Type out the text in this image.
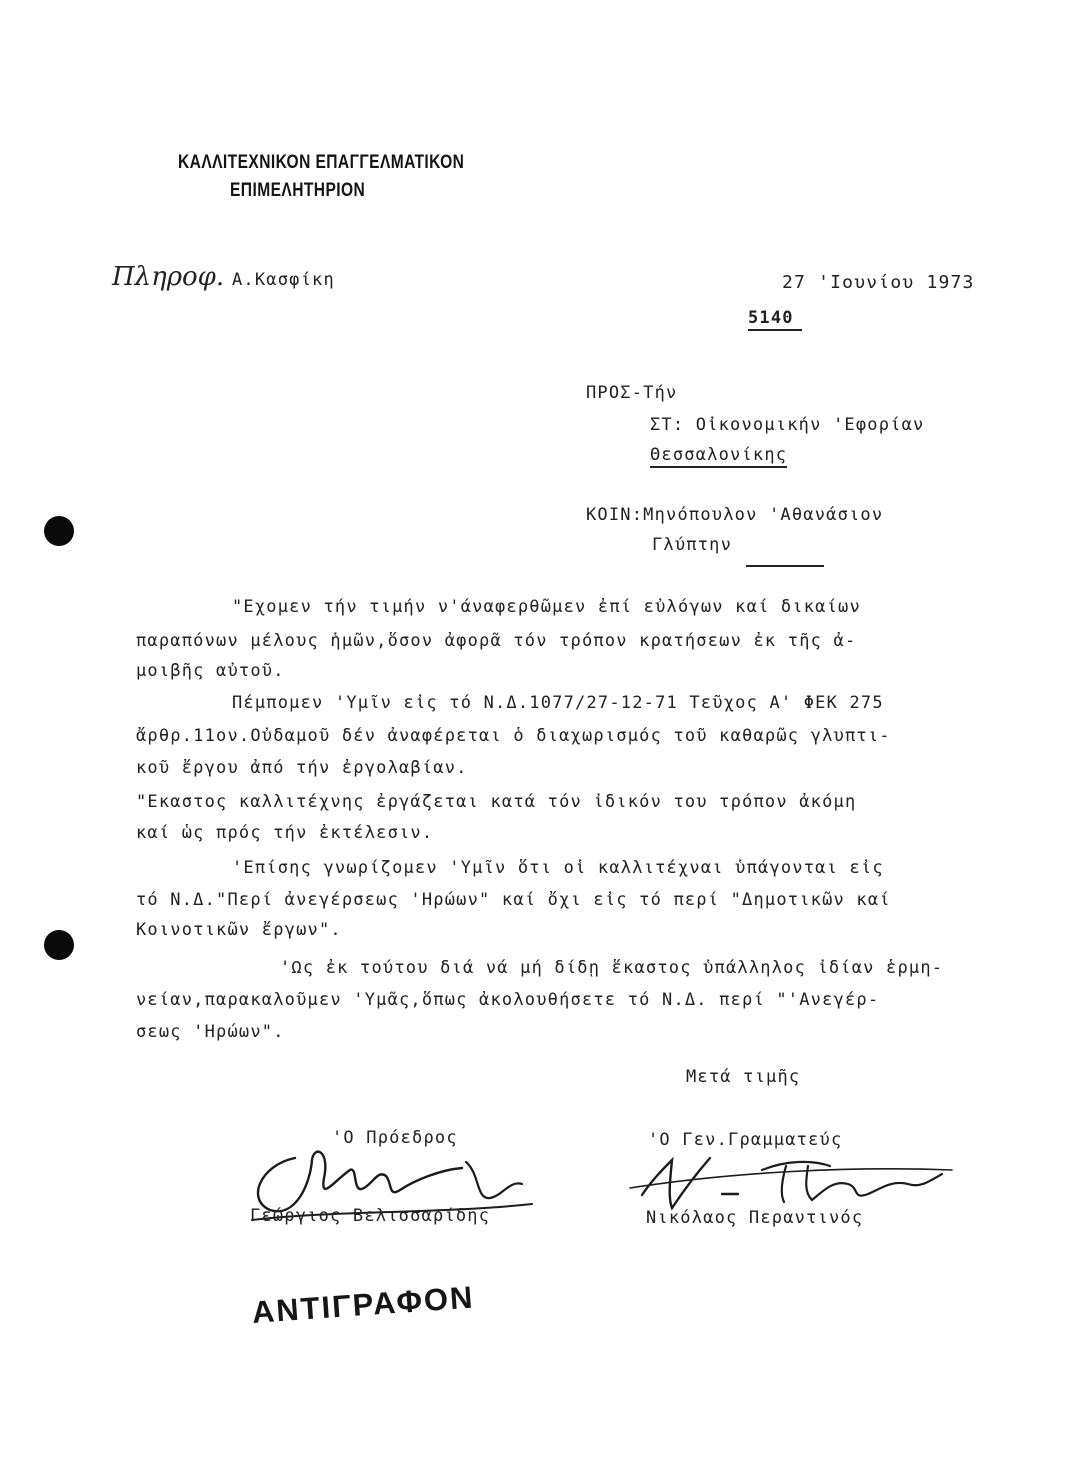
ΚΑΛΛΙΤΕΧΝΙΚΟΝ ΕΠΑΓΓΕΛΜΑΤΙΚΟΝ
ΕΠΙΜΕΛΗΤΗΡΙΟΝ
Πληροφ. Α.Κασφίκη	27 'Ιουνίου 1973
5140
ΠΡΟΣ-Τήν
ΣΤ: Οἰκονομικήν 'Εφορίαν
Θεσσαλονίκης
ΚΟΙΝ:Μηνόπουλον 'Αθανάσιον
Γλύπτην
"Εχομεν τήν τιμήν ν'άναφερθῶμεν ἐπί εὐλόγων καί δικαίων
παραπόνων μέλους ἡμῶν,ὅσον ἀφορᾶ τόν τρόπον κρατήσεων ἐκ τῆς ἀ-
μοιβῆς αὐτοῦ.
Πέμπομεν 'Υμῖν εἰς τό Ν.Δ.1077/27-12-71 Τεῦχος Α' ΦΕΚ 275
ἄρθρ.11ον.Οὐδαμοῦ δέν ἀναφέρεται ὁ διαχωρισμός τοῦ καθαρῶς γλυπτι-
κοῦ ἔργου ἀπό τήν ἐργολαβίαν.
"Εκαστος καλλιτέχνης ἐργάζεται κατά τόν ἰδικόν του τρόπον ἀκόμη
καί ὡς πρός τήν ἐκτέλεσιν.
'Επίσης γνωρίζομεν 'Υμῖν ὅτι οἱ καλλιτέχναι ὑπάγονται εἰς
τό Ν.Δ."Περί ἀνεγέρσεως 'Ηρώων" καί ὄχι εἰς τό περί "Δημοτικῶν καί
Κοινοτικῶν ἔργων".
'Ως ἐκ τούτου διά νά μή δίδῃ ἕκαστος ὑπάλληλος ἰδίαν ἑρμη-
νείαν,παρακαλοῦμεν 'Υμᾶς,ὅπως ἀκολουθήσετε τό Ν.Δ. περί "'Ανεγέρ-
σεως 'Ηρώων".
Μετά τιμῆς
'Ο Πρόεδρος	'Ο Γεν.Γραμματεύς
Γεώργιος Βελισσαρίδης	Νικόλαος Περαντινός
ΑΝΤΙΓΡΑΦΟΝ
